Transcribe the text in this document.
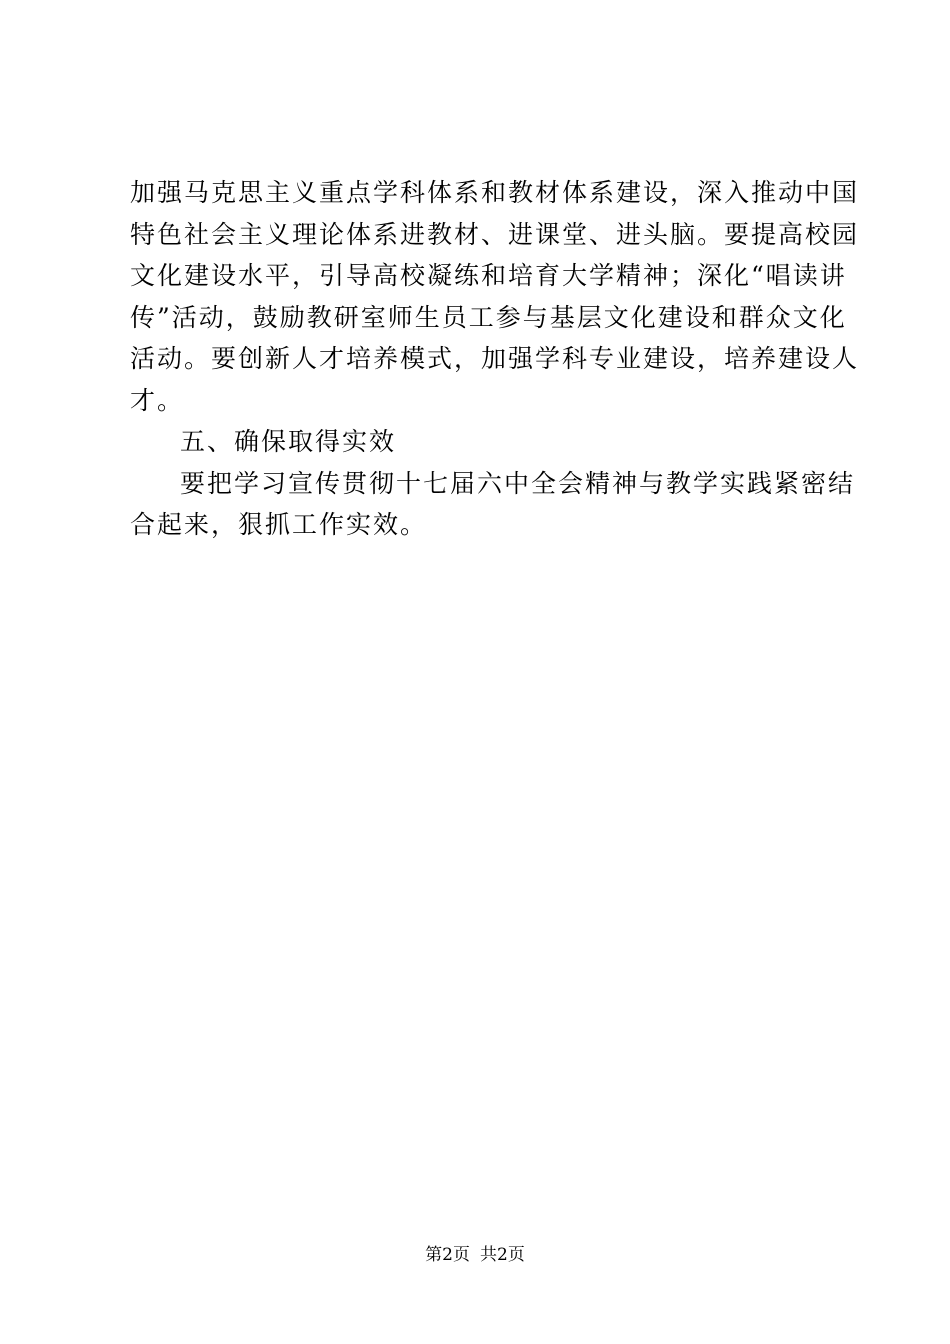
加强马克思主义重点学科体系和教材体系建设，深入推动中国
特色社会主义理论体系进教材、进课堂、进头脑。要提高校园
文化建设水平，引导高校凝练和培育大学精神；深化“唱读讲
传”活动，鼓励教研室师生员工参与基层文化建设和群众文化
活动。要创新人才培养模式，加强学科专业建设，培养建设人
才。
五、确保取得实效
要把学习宣传贯彻十七届六中全会精神与教学实践紧密结
合起来，狠抓工作实效。
第2页 共2页
